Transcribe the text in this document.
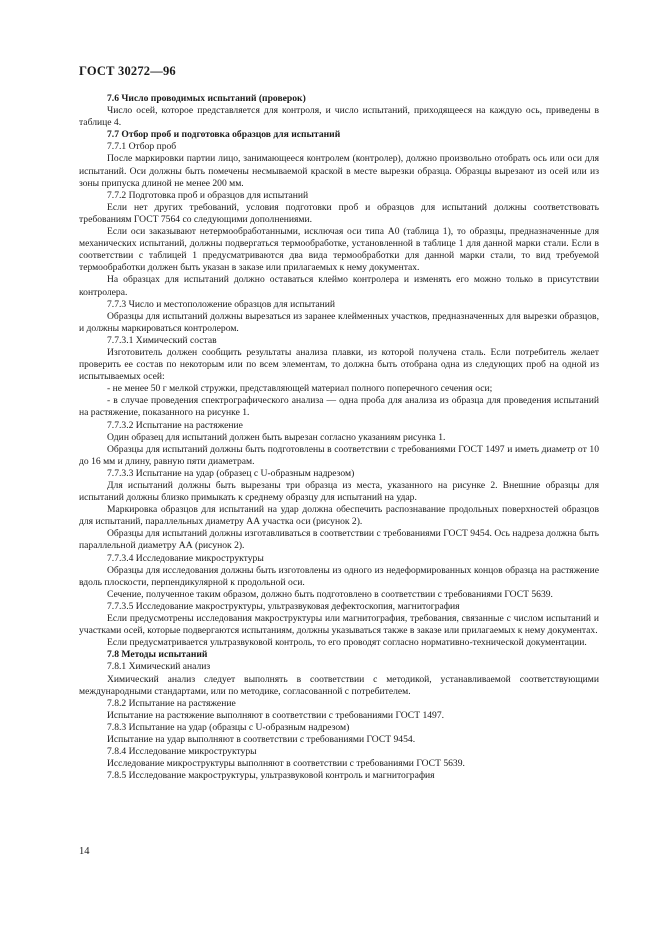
ГОСТ 30272—96
7.6 Число проводимых испытаний (проверок)
Число осей, которое представляется для контроля, и число испытаний, приходящееся на каждую ось, приведены в таблице 4.
7.7 Отбор проб и подготовка образцов для испытаний
7.7.1 Отбор проб
После маркировки партии лицо, занимающееся контролем (контролер), должно произвольно отобрать ось или оси для испытаний. Оси должны быть помечены несмываемой краской в месте вырезки образца. Образцы вырезают из осей или из зоны припуска длиной не менее 200 мм.
7.7.2 Подготовка проб и образцов для испытаний
Если нет других требований, условия подготовки проб и образцов для испытаний должны соответствовать требованиям ГОСТ 7564 со следующими дополнениями.
Если оси заказывают нетермообработанными, исключая оси типа А0 (таблица 1), то образцы, предназначенные для механических испытаний, должны подвергаться термообработке, установленной в таблице 1 для данной марки стали. Если в соответствии с таблицей 1 предусматриваются два вида термообработки для данной марки стали, то вид требуемой термообработки должен быть указан в заказе или прилагаемых к нему документах.
На образцах для испытаний должно оставаться клеймо контролера и изменять его можно только в присутствии контролера.
7.7.3 Число и местоположение образцов для испытаний
Образцы для испытаний должны вырезаться из заранее клейменных участков, предназначенных для вырезки образцов, и должны маркироваться контролером.
7.7.3.1 Химический состав
Изготовитель должен сообщить результаты анализа плавки, из которой получена сталь. Если потребитель желает проверить ее состав по некоторым или по всем элементам, то должна быть отобрана одна из следующих проб на одной из испытываемых осей:
- не менее 50 г мелкой стружки, представляющей материал полного поперечного сечения оси;
- в случае проведения спектрографического анализа — одна проба для анализа из образца для проведения испытаний на растяжение, показанного на рисунке 1.
7.7.3.2 Испытание на растяжение
Один образец для испытаний должен быть вырезан согласно указаниям рисунка 1.
Образцы для испытаний должны быть подготовлены в соответствии с требованиями ГОСТ 1497 и иметь диаметр от 10 до 16 мм и длину, равную пяти диаметрам.
7.7.3.3 Испытание на удар (образец с U-образным надрезом)
Для испытаний должны быть вырезаны три образца из места, указанного на рисунке 2. Внешние образцы для испытаний должны близко примыкать к среднему образцу для испытаний на удар.
Маркировка образцов для испытаний на удар должна обеспечить распознавание продольных поверхностей образцов для испытаний, параллельных диаметру АА участка оси (рисунок 2).
Образцы для испытаний должны изготавливаться в соответствии с требованиями ГОСТ 9454. Ось надреза должна быть параллельной диаметру АА (рисунок 2).
7.7.3.4 Исследование микроструктуры
Образцы для исследования должны быть изготовлены из одного из недеформированных концов образца на растяжение вдоль плоскости, перпендикулярной к продольной оси.
Сечение, полученное таким образом, должно быть подготовлено в соответствии с требованиями ГОСТ 5639.
7.7.3.5 Исследование макроструктуры, ультразвуковая дефектоскопия, магнитография
Если предусмотрены исследования макроструктуры или магнитография, требования, связанные с числом испытаний и участками осей, которые подвергаются испытаниям, должны указываться также в заказе или прилагаемых к нему документах.
Если предусматривается ультразвуковой контроль, то его проводят согласно нормативно-технической документации.
7.8 Методы испытаний
7.8.1 Химический анализ
Химический анализ следует выполнять в соответствии с методикой, устанавливаемой соответствующими международными стандартами, или по методике, согласованной с потребителем.
7.8.2 Испытание на растяжение
Испытание на растяжение выполняют в соответствии с требованиями ГОСТ 1497.
7.8.3 Испытание на удар (образцы с U-образным надрезом)
Испытание на удар выполняют в соответствии с требованиями ГОСТ 9454.
7.8.4 Исследование микроструктуры
Исследование микроструктуры выполняют в соответствии с требованиями ГОСТ 5639.
7.8.5 Исследование макроструктуры, ультразвуковой контроль и магнитография
14
